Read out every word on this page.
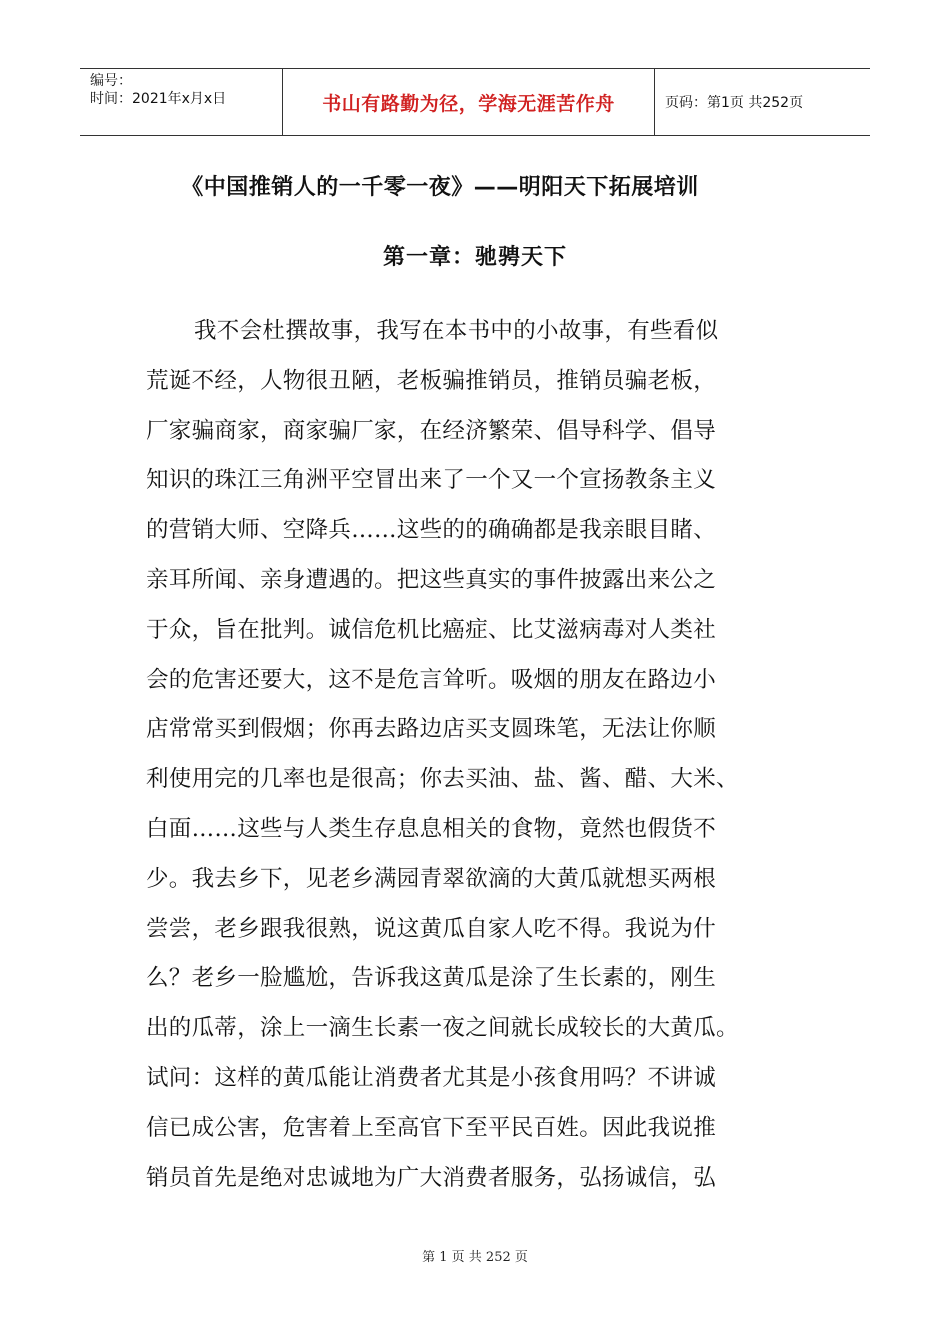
编号：
时间：2021年x月x日	书山有路勤为径，学海无涯苦作舟	页码：第1页 共252页
《中国推销人的一千零一夜》——明阳天下拓展培训
第一章：驰骋天下
我不会杜撰故事，我写在本书中的小故事，有些看似
荒诞不经，人物很丑陋，老板骗推销员，推销员骗老板，
厂家骗商家，商家骗厂家，在经济繁荣、倡导科学、倡导
知识的珠江三角洲平空冒出来了一个又一个宣扬教条主义
的营销大师、空降兵……这些的的确确都是我亲眼目睹、
亲耳所闻、亲身遭遇的。把这些真实的事件披露出来公之
于众，旨在批判。诚信危机比癌症、比艾滋病毒对人类社
会的危害还要大，这不是危言耸听。吸烟的朋友在路边小
店常常买到假烟；你再去路边店买支圆珠笔，无法让你顺
利使用完的几率也是很高；你去买油、盐、酱、醋、大米、
白面……这些与人类生存息息相关的食物，竟然也假货不
少。我去乡下，见老乡满园青翠欲滴的大黄瓜就想买两根
尝尝，老乡跟我很熟，说这黄瓜自家人吃不得。我说为什
么？老乡一脸尴尬，告诉我这黄瓜是涂了生长素的，刚生
出的瓜蒂，涂上一滴生长素一夜之间就长成较长的大黄瓜。
试问：这样的黄瓜能让消费者尤其是小孩食用吗？不讲诚
信已成公害，危害着上至高官下至平民百姓。因此我说推
销员首先是绝对忠诚地为广大消费者服务，弘扬诚信，弘
第 1 页 共 252 页
